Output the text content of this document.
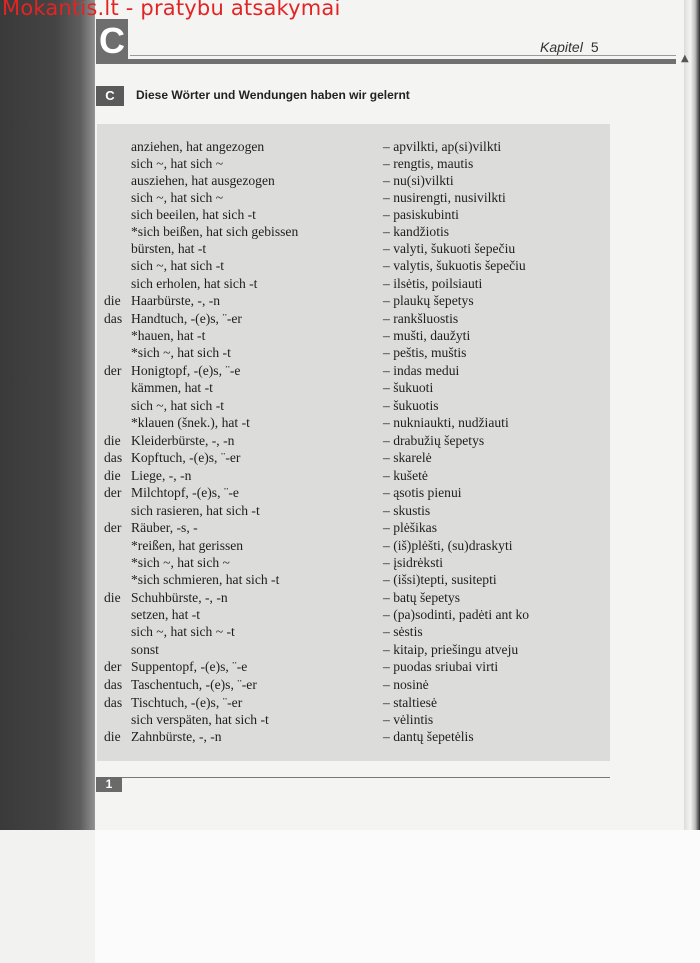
Mokantis.lt - pratybu atsakymai
C	Kapitel 5
▲
C	Diese Wörter und Wendungen haben wir gelernt
anziehen, hat angezogen	– apvilkti, ap(si)vilkti
sich ~, hat sich ~	– rengtis, mautis
ausziehen, hat ausgezogen	– nu(si)vilkti
sich ~, hat sich ~	– nusirengti, nusivilkti
sich beeilen, hat sich -t	– pasiskubinti
*sich beißen, hat sich gebissen	– kandžiotis
bürsten, hat -t	– valyti, šukuoti šepečiu
sich ~, hat sich -t	– valytis, šukuotis šepečiu
sich erholen, hat sich -t	– ilsėtis, poilsiauti
die Haarbürste, -, -n	– plaukų šepetys
das Handtuch, -(e)s, ¨-er	– rankšluostis
*hauen, hat -t	– mušti, daužyti
*sich ~, hat sich -t	– peštis, muštis
der Honigtopf, -(e)s, ¨-e	– indas medui
kämmen, hat -t	– šukuoti
sich ~, hat sich -t	– šukuotis
*klauen (šnek.), hat -t	– nukniaukti, nudžiauti
die Kleiderbürste, -, -n	– drabužių šepetys
das Kopftuch, -(e)s, ¨-er	– skarelė
die Liege, -, -n	– kušetė
der Milchtopf, -(e)s, ¨-e	– ąsotis pienui
sich rasieren, hat sich -t	– skustis
der Räuber, -s, -	– plėšikas
*reißen, hat gerissen	– (iš)plėšti, (su)draskyti
*sich ~, hat sich ~	– įsidrėksti
*sich schmieren, hat sich -t	– (išsi)tepti, susitepti
die Schuhbürste, -, -n	– batų šepetys
setzen, hat -t	– (pa)sodinti, padėti ant ko
sich ~, hat sich ~ -t	– sėstis
sonst	– kitaip, priešingu atveju
der Suppentopf, -(e)s, ¨-e	– puodas sriubai virti
das Taschentuch, -(e)s, ¨-er	– nosinė
das Tischtuch, -(e)s, ¨-er	– staltiesė
sich verspäten, hat sich -t	– vėlintis
die Zahnbürste, -, -n	– dantų šepetėlis
1
